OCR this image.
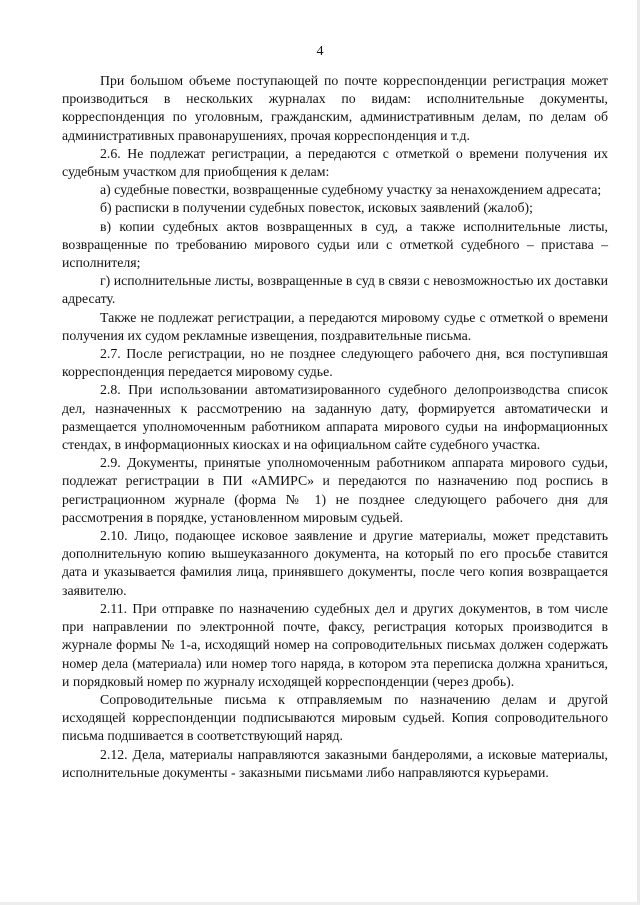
4

При большом объеме поступающей по почте корреспонденции регистрация может производиться в нескольких журналах по видам: исполнительные документы, корреспонденция по уголовным, гражданским, административным делам, по делам об административных правонарушениях, прочая корреспонденция и т.д.

2.6. Не подлежат регистрации, а передаются с отметкой о времени получения их судебным участком для приобщения к делам:

а) судебные повестки, возвращенные судебному участку за ненахождением адресата;

б) расписки в получении судебных повесток, исковых заявлений (жалоб);

в) копии судебных актов возвращенных в суд, а также исполнительные листы, возвращенные по требованию мирового судьи или с отметкой судебного – пристава – исполнителя;

г) исполнительные листы, возвращенные в суд в связи с невозможностью их доставки адресату.

Также не подлежат регистрации, а передаются мировому судье с отметкой о времени получения их судом рекламные извещения, поздравительные письма.

2.7. После регистрации, но не позднее следующего рабочего дня, вся поступившая корреспонденция передается мировому судье.

2.8. При использовании автоматизированного судебного делопроизводства список дел, назначенных к рассмотрению на заданную дату, формируется автоматически и размещается уполномоченным работником аппарата мирового судьи на информационных стендах, в информационных киосках и на официальном сайте судебного участка.

2.9. Документы, принятые уполномоченным работником аппарата мирового судьи, подлежат регистрации в ПИ «АМИРС» и передаются по назначению под роспись в регистрационном журнале (форма № 1) не позднее следующего рабочего дня для рассмотрения в порядке, установленном мировым судьей.

2.10. Лицо, подающее исковое заявление и другие материалы, может представить дополнительную копию вышеуказанного документа, на который по его просьбе ставится дата и указывается фамилия лица, принявшего документы, после чего копия возвращается заявителю.

2.11. При отправке по назначению судебных дел и других документов, в том числе при направлении по электронной почте, факсу, регистрация которых производится в журнале формы № 1-а, исходящий номер на сопроводительных письмах должен содержать номер дела (материала) или номер того наряда, в котором эта переписка должна храниться, и порядковый номер по журналу исходящей корреспонденции (через дробь).

Сопроводительные письма к отправляемым по назначению делам и другой исходящей корреспонденции подписываются мировым судьей. Копия сопроводительного письма подшивается в соответствующий наряд.

2.12. Дела, материалы направляются заказными бандеролями, а исковые материалы, исполнительные документы - заказными письмами либо направляются курьерами.
